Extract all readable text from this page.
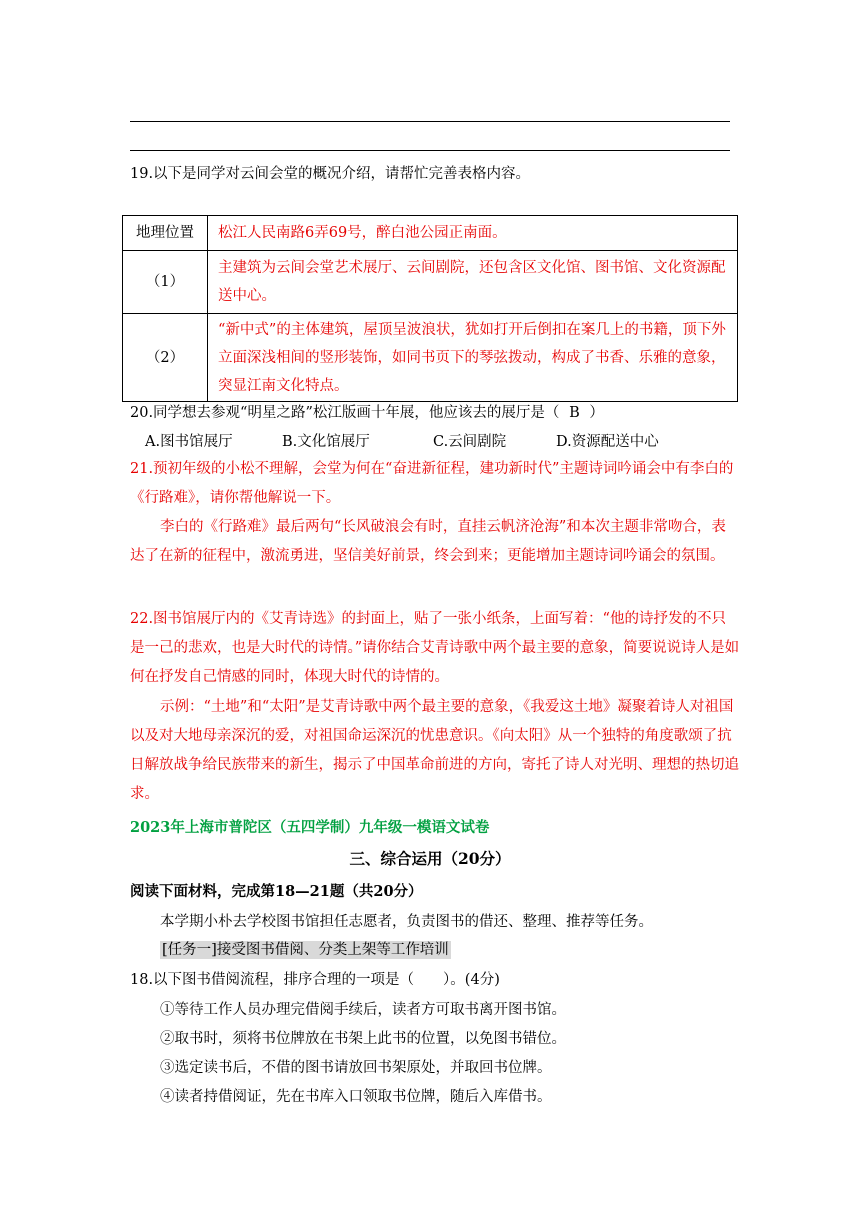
19.以下是同学对云间会堂的概况介绍，请帮忙完善表格内容。
地理位置	松江人民南路6弄69号，醉白池公园正南面。
（1）	主建筑为云间会堂艺术展厅、云间剧院，还包含区文化馆、图书馆、文化资源配送中心。
（2）	“新中式”的主体建筑，屋顶呈波浪状，犹如打开后倒扣在案几上的书籍，顶下外立面深浅相间的竖形装饰，如同书页下的琴弦拨动，构成了书香、乐雅的意象，突显江南文化特点。
20.同学想去参观“明星之路”松江版画十年展，他应该去的展厅是（ B ）
A.图书馆展厅	B.文化馆展厅	C.云间剧院	D.资源配送中心
21.预初年级的小松不理解，会堂为何在“奋进新征程，建功新时代”主题诗词吟诵会中有李白的《行路难》，请你帮他解说一下。
李白的《行路难》最后两句“长风破浪会有时，直挂云帆济沧海”和本次主题非常吻合，表达了在新的征程中，激流勇进，坚信美好前景，终会到来；更能增加主题诗词吟诵会的氛围。
22.图书馆展厅内的《艾青诗选》的封面上，贴了一张小纸条，上面写着：“他的诗抒发的不只是一己的悲欢，也是大时代的诗情。”请你结合艾青诗歌中两个最主要的意象，简要说说诗人是如何在抒发自己情感的同时，体现大时代的诗情的。
示例：“土地”和“太阳”是艾青诗歌中两个最主要的意象，《我爱这土地》凝聚着诗人对祖国以及对大地母亲深沉的爱，对祖国命运深沉的忧患意识。《向太阳》从一个独特的角度歌颂了抗日解放战争给民族带来的新生，揭示了中国革命前进的方向，寄托了诗人对光明、理想的热切追求。
2023年上海市普陀区（五四学制）九年级一模语文试卷
三、综合运用（20分）
阅读下面材料，完成第18—21题（共20分）
本学期小朴去学校图书馆担任志愿者，负责图书的借还、整理、推荐等任务。
[任务一]接受图书借阅、分类上架等工作培训
18.以下图书借阅流程，排序合理的一项是（　　）。(4分)
①等待工作人员办理完借阅手续后，读者方可取书离开图书馆。
②取书时，须将书位牌放在书架上此书的位置，以免图书错位。
③选定读书后，不借的图书请放回书架原处，并取回书位牌。
④读者持借阅证，先在书库入口领取书位牌，随后入库借书。
